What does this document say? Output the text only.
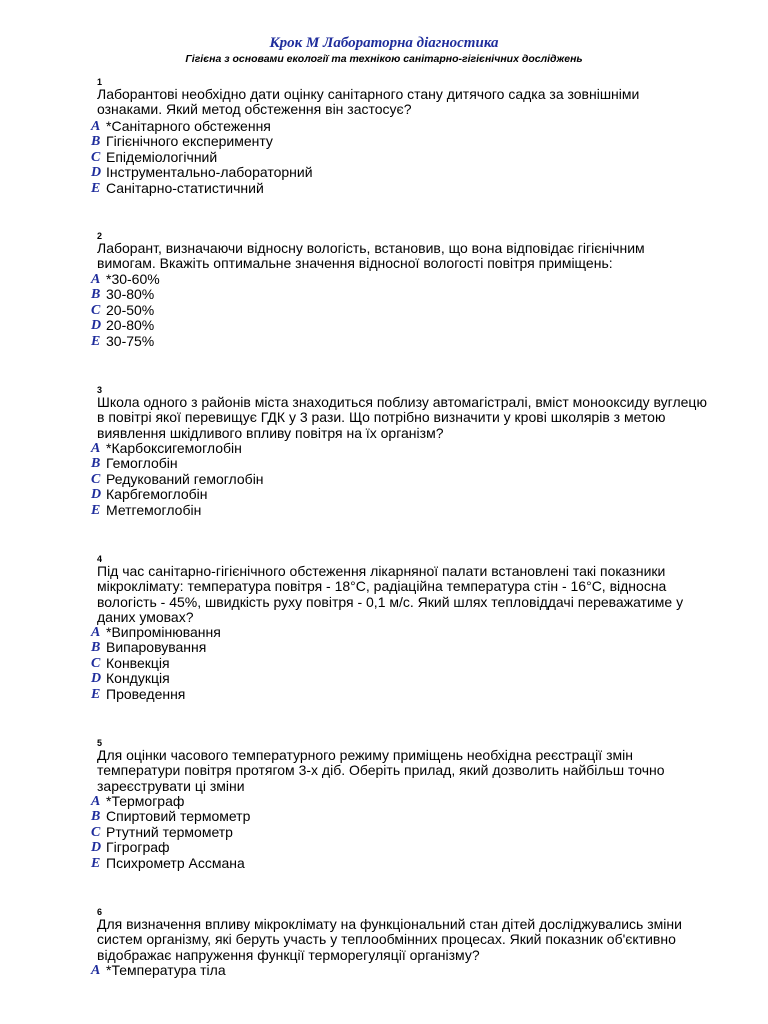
Крок М Лабораторна діагностика
Гігієна з основами екології та технікою санітарно-гігієнічних досліджень
1
Лаборантові необхідно дати оцінку санітарного стану дитячого садка за зовнішніми ознаками. Який метод обстеження він застосує?
A *Санітарного обстеження
B Гігієнічного експерименту
C Епідеміологічний
D Інструментально-лабораторний
E Санітарно-статистичний
2
Лаборант, визначаючи відносну вологість, встановив, що вона відповідає гігієнічним вимогам. Вкажіть оптимальне значення відносної вологості повітря приміщень:
A *30-60%
B 30-80%
C 20-50%
D 20-80%
E 30-75%
3
Школа одного з районів міста знаходиться поблизу автомагістралі, вміст монооксиду вуглецю в повітрі якої перевищує ГДК у 3 рази. Що потрібно визначити у крові школярів з метою виявлення шкідливого впливу повітря на їх організм?
A *Карбоксигемоглобін
B Гемоглобін
C Редукований гемоглобін
D Карбгемоглобін
E Метгемоглобін
4
Під час санітарно-гігієнічного обстеження лікарняної палати встановлені такі показники мікроклімату: температура повітря - 18°С, радіаційна температура стін - 16°С, відносна вологість - 45%, швидкість руху повітря - 0,1 м/с. Який шлях тепловіддачі переважатиме у даних умовах?
A *Випромінювання
B Випаровування
C Конвекція
D Кондукція
E Проведення
5
Для оцінки часового температурного режиму приміщень необхідна реєстрації змін температури повітря протягом 3-х діб. Оберіть прилад, який дозволить найбільш точно зареєструвати ці зміни
A *Термограф
B Спиртовий термометр
C Ртутний термометр
D Гігрограф
E Психрометр Ассмана
6
Для визначення впливу мікроклімату на функціональний стан дітей досліджувались зміни систем організму, які беруть участь у теплообмінних процесах. Який показник об'єктивно відображає напруження функції терморегуляції організму?
A *Температура тіла
